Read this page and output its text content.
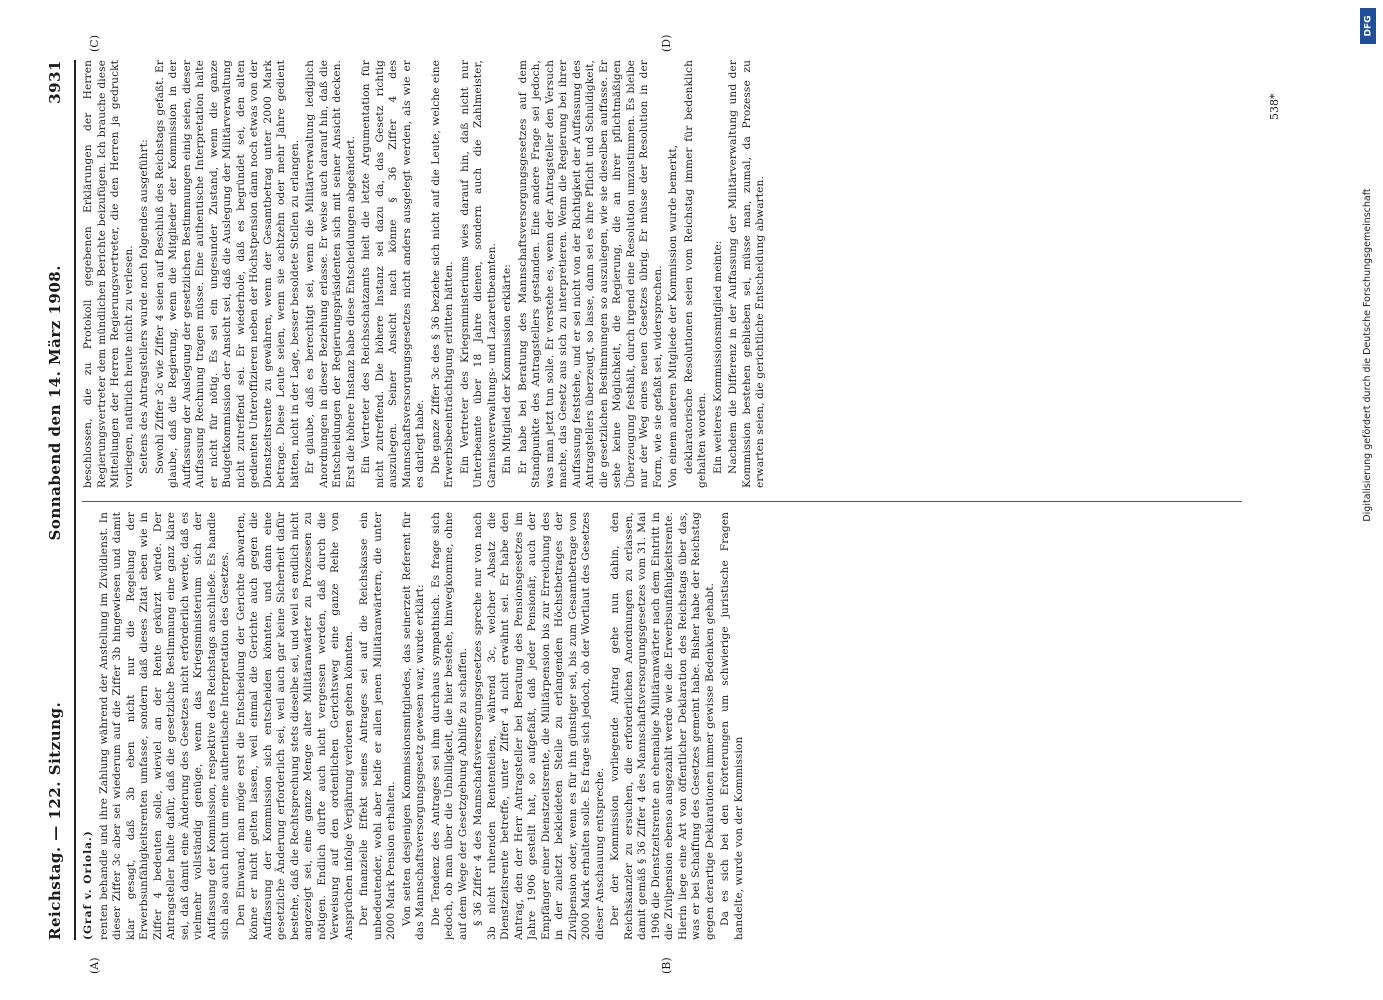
Reichstag. — 122. Sitzung.
Sonnabend den 14. März 1908.
3931
(A)	(B)
(C)	(D)
(Graf v. Oriola.) renten behandle und ihre Zahlung während der Anstellung im Zivildienst. In dieser Ziffer 3c aber sei wiederum auf die Ziffer 3b hingewiesen und damit klar gesagt, daß 3b eben nicht nur die Regelung der Erwerbsunfähigkeitsrenten umfasse, sondern daß dieses Zitat eben wie in Ziffer 4 bedeuten solle, wieviel an der Rente gekürzt würde. Der Antragsteller halte dafür, daß die gesetzliche Bestimmung eine ganz klare sei, daß damit eine Änderung des Gesetzes nicht erforderlich werde, daß es vielmehr vollständig genüge, wenn das Kriegsministerium sich der Auffassung der Kommission, respektive des Reichstags anschließe. Es handle sich also auch nicht um eine authentische Interpretation des Gesetzes. Den Einwand, man möge erst die Entscheidung der Gerichte abwarten, könne er nicht gelten lassen, weil einmal die Gerichte auch gegen die Auffassung der Kommission sich entscheiden könnten, und dann eine gesetzliche Änderung erforderlich sei, weil auch gar keine Sicherheit dafür bestehe, daß die Rechtsprechung stets dieselbe sei, und weil es endlich nicht angezeigt sei, eine ganze Menge alter Militäranwärter zu Prozessen zu nötigen. Endlich dürfte auch nicht vergessen werden, daß durch die Verweisung auf den ordentlichen Gerichtsweg eine ganze Reihe von Ansprüchen infolge Verjährung verloren gehen könnten. Der finanzielle Effekt seines Antrages sei auf die Reichskasse ein unbedeutender, wohl aber helfe er allen jenen Militäranwärtern, die unter 2000 Mark Pension erhalten. Von seiten desjenigen Kommissionsmitgliedes, das seinerzeit Referent für das Mannschaftsversorgungsgesetz gewesen war, wurde erklärt: Die Tendenz des Antrages sei ihm durchaus sympathisch. Es frage sich jedoch, ob man über die Unbilligkeit, die hier bestehe, hinwegkomme, ohne auf dem Wege der Gesetzgebung Abhilfe zu schaffen. § 36 Ziffer 4 des Mannschaftsversorgungsgesetzes spreche nur von nach 3b nicht ruhenden Rententeilen, während 3c, welcher Absatz die Dienstzeitsrente betreffe, unter Ziffer 4 nicht erwähnt sei. Er habe den Antrag, den der Herr Antragsteller bei Beratung des Pensionsgesetzes im Jahre 1906 gestellt hat, so aufgefaßt, daß jeder Pensionär, auch der Empfänger einer Dienstzeitsrente, die Militärpension bis zur Erreichung des in der zuletzt bekleideten Stelle zu erlangenden Höchstbetrages der Zivilpension oder, wenn es für ihn günstiger sei, bis zum Gesamtbetrage von 2000 Mark erhalten solle. Es frage sich jedoch, ob der Wortlaut des Gesetzes dieser Anschauung entspreche. Der der Kommission vorliegende Antrag gehe nun dahin, den Reichskanzler zu ersuchen, die erforderlichen Anordnungen zu erlassen, damit gemäß § 36 Ziffer 4 des Mannschaftsversorgungsgesetzes vom 31. Mai 1906 die Dienstzeitsrente an ehemalige Militäranwärter nach dem Eintritt in die Zivilpension ebenso ausgezahlt werde wie die Erwerbsunfähigkeitsrente. Hierin liege eine Art von öffentlicher Deklaration des Reichstags über das, was er bei Schaffung des Gesetzes gemeint habe. Bisher habe der Reichstag gegen derartige Deklarationen immer gewisse Bedenken gehabt. Da es sich bei den Erörterungen um schwierige juristische Fragen handelte, wurde von der Kommission

beschlossen, die zu Protokoll gegebenen Erklärungen der Herren Regierungsvertreter dem mündlichen Berichte beizufügen. Ich brauche diese Mitteilungen der Herren Regierungsvertreter, die den Herren ja gedruckt vorliegen, natürlich heute nicht zu verlesen. Seitens des Antragstellers wurde noch folgendes ausgeführt: Sowohl Ziffer 3c wie Ziffer 4 seien auf Beschluß des Reichstags gefaßt. Er glaube, daß die Regierung, wenn die Mitglieder der Kommission in der Auffassung der Auslegung der gesetzlichen Bestimmungen einig seien, dieser Auffassung Rechnung tragen müsse. Eine authentische Interpretation halte er nicht für nötig. Es sei ein ungesunder Zustand, wenn die ganze Budgetkommission der Ansicht sei, daß die Auslegung der Militärverwaltung nicht zutreffend sei. Er wiederhole, daß es begründet sei, den alten gedienten Unteroffizieren neben der Höchstpension dann noch etwas von der Dienstzeitsrente zu gewähren, wenn der Gesamtbetrag unter 2000 Mark betrage. Diese Leute seien, wenn sie achtzehn oder mehr Jahre gedient hätten, nicht in der Lage, besser besoldete Stellen zu erlangen. Er glaube, daß es berechtigt sei, wenn die Militärverwaltung lediglich Anordnungen in dieser Beziehung erlasse. Er weise auch darauf hin, daß die Entscheidungen der Regierungspräsidenten sich mit seiner Ansicht decken. Erst die höhere Instanz habe diese Entscheidungen abgeändert. Ein Vertreter des Reichsschatzamts hielt die letzte Argumentation für nicht zutreffend. Die höhere Instanz sei dazu da, das Gesetz richtig auszulegen. Seiner Ansicht nach könne § 36 Ziffer 4 des Mannschaftsversorgungsgesetzes nicht anders ausgelegt werden, als wie er es darlegt habe. Die ganze Ziffer 3c des § 36 beziehe sich nicht auf die Leute, welche eine Erwerbsbeeinträchtigung erlitten hätten. Ein Vertreter des Kriegsministeriums wies darauf hin, daß nicht nur Unterbeamte über 18 Jahre dienen, sondern auch die Zahlmeister, Garnisonverwaltungs- und Lazarettbeamten. Ein Mitglied der Kommission erklärte: Er habe bei Beratung des Mannschaftsversorgungsgesetzes auf dem Standpunkte des Antragstellers gestanden. Eine andere Frage sei jedoch, was man jetzt tun solle. Er verstehe es, wenn der Antragsteller den Versuch mache, das Gesetz aus sich zu interpretieren. Wenn die Regierung bei ihrer Auffassung feststehe, und er sei nicht von der Richtigkeit der Auffassung des Antragstellers überzeugt, so lasse, dann sei es ihre Pflicht und Schuldigkeit, die gesetzlichen Bestimmungen so auszulegen, wie sie dieselben auffasse. Er sehe keine Möglichkeit, die Regierung, die an ihrer pflichtmäßigen Überzeugung festhält, durch irgend eine Resolution umzustimmen. Es bleibe nur der Weg eines neuen Gesetzes übrig. Er müsse der Resolution in der Form, wie sie gefaßt sei, widersprechen. Von einem anderen Mitgliede der Kommission wurde bemerkt, deklaratorische Resolutionen seien vom Reichstag immer für bedenklich gehalten worden. Ein weiteres Kommissionsmitglied meinte: Nachdem die Differenz in der Auffassung der Militärverwaltung und der Kommission bestehen geblieben sei, müsse man, zumal, da Prozesse zu erwarten seien, die gerichtliche Entscheidung abwarten.

538*
DFG
Digitalisierung gefördert durch die Deutsche Forschungsgemeinschaft
